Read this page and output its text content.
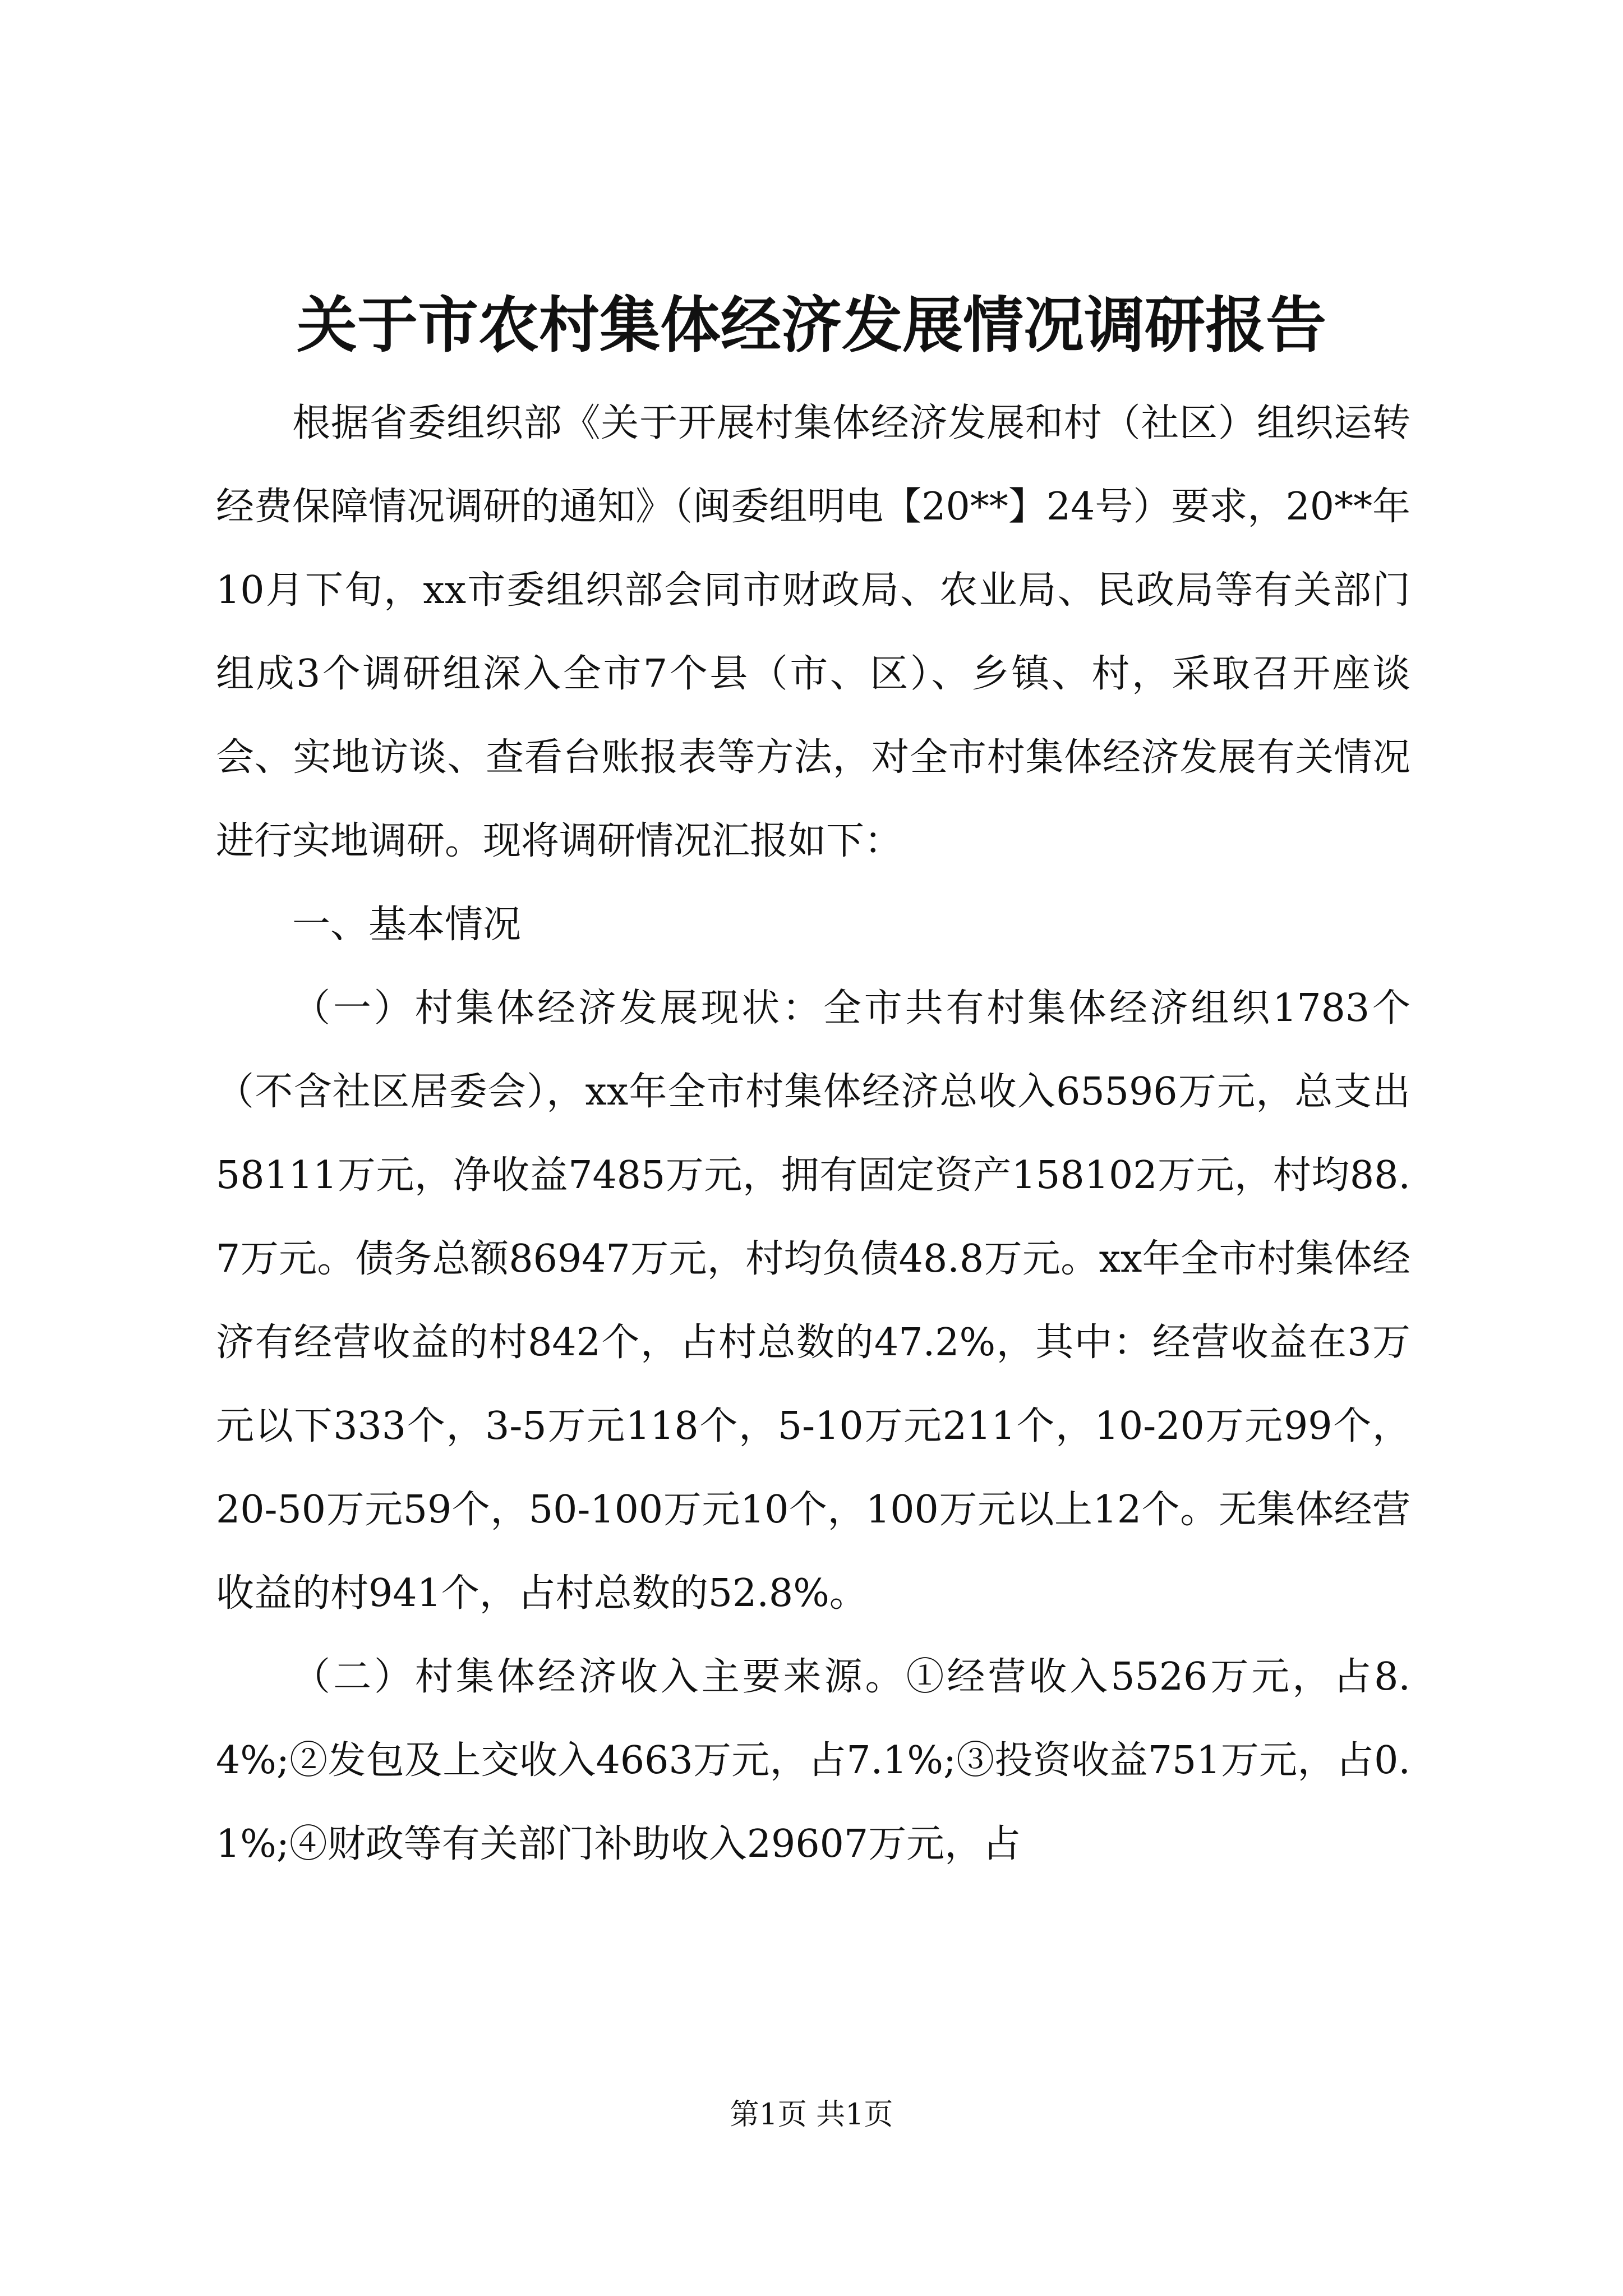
关于市农村集体经济发展情况调研报告

根据省委组织部《关于开展村集体经济发展和村（社区）组织运转经费保障情况调研的通知》（闽委组明电【20**】24号）要求，20**年10月下旬，xx市委组织部会同市财政局、农业局、民政局等有关部门组成3个调研组深入全市7个县（市、区）、乡镇、村，采取召开座谈会、实地访谈、查看台账报表等方法，对全市村集体经济发展有关情况进行实地调研。现将调研情况汇报如下：

一、基本情况

（一）村集体经济发展现状：全市共有村集体经济组织1783个（不含社区居委会），xx年全市村集体经济总收入65596万元，总支出58111万元，净收益7485万元，拥有固定资产158102万元，村均88.7万元。债务总额86947万元，村均负债48.8万元。xx年全市村集体经济有经营收益的村842个，占村总数的47.2%，其中：经营收益在3万元以下333个，3-5万元118个，5-10万元211个，10-20万元99个，20-50万元59个，50-100万元10个，100万元以上12个。无集体经营收益的村941个，占村总数的52.8%。

（二）村集体经济收入主要来源。①经营收入5526万元，占8.4%;②发包及上交收入4663万元，占7.1%;③投资收益751万元，占0.1%;④财政等有关部门补助收入29607万元，占

第1页 共1页
